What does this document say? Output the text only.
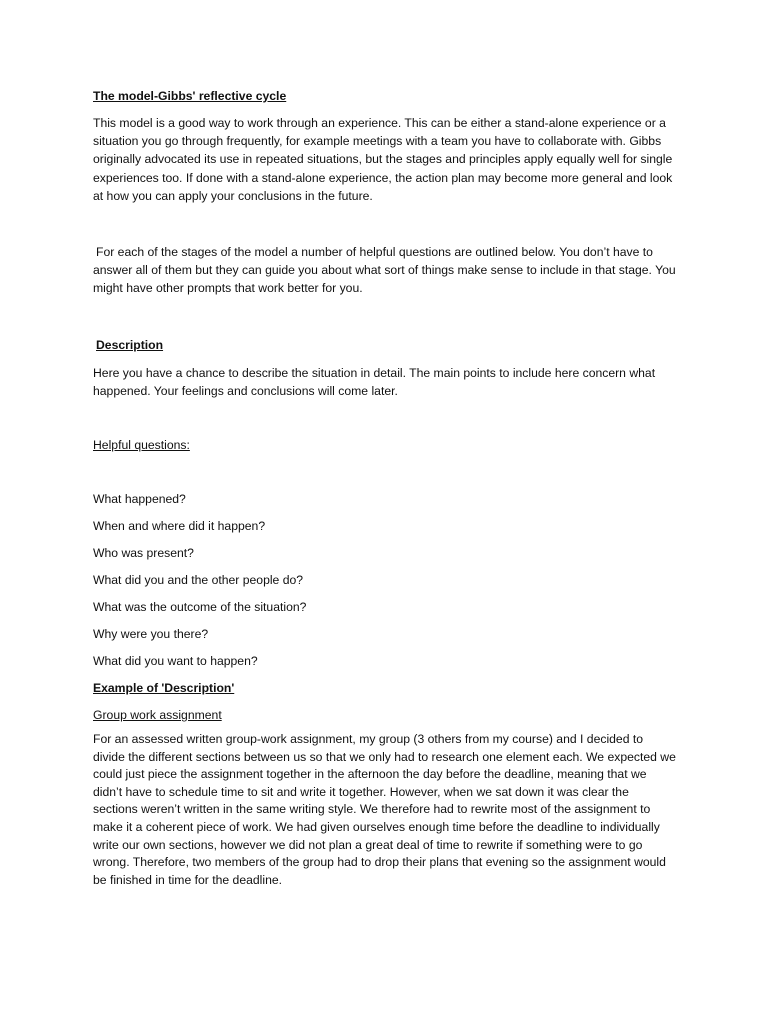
The model-Gibbs' reflective cycle
This model is a good way to work through an experience. This can be either a stand-alone experience or a situation you go through frequently, for example meetings with a team you have to collaborate with. Gibbs originally advocated its use in repeated situations, but the stages and principles apply equally well for single experiences too. If done with a stand-alone experience, the action plan may become more general and look at how you can apply your conclusions in the future.
For each of the stages of the model a number of helpful questions are outlined below. You don’t have to answer all of them but they can guide you about what sort of things make sense to include in that stage. You might have other prompts that work better for you.
Description
Here you have a chance to describe the situation in detail. The main points to include here concern what happened. Your feelings and conclusions will come later.
Helpful questions:
What happened?
When and where did it happen?
Who was present?
What did you and the other people do?
What was the outcome of the situation?
Why were you there?
What did you want to happen?
Example of 'Description'
Group work assignment
For an assessed written group-work assignment, my group (3 others from my course) and I decided to divide the different sections between us so that we only had to research one element each. We expected we could just piece the assignment together in the afternoon the day before the deadline, meaning that we didn’t have to schedule time to sit and write it together. However, when we sat down it was clear the sections weren’t written in the same writing style. We therefore had to rewrite most of the assignment to make it a coherent piece of work. We had given ourselves enough time before the deadline to individually write our own sections, however we did not plan a great deal of time to rewrite if something were to go wrong. Therefore, two members of the group had to drop their plans that evening so the assignment would be finished in time for the deadline.
